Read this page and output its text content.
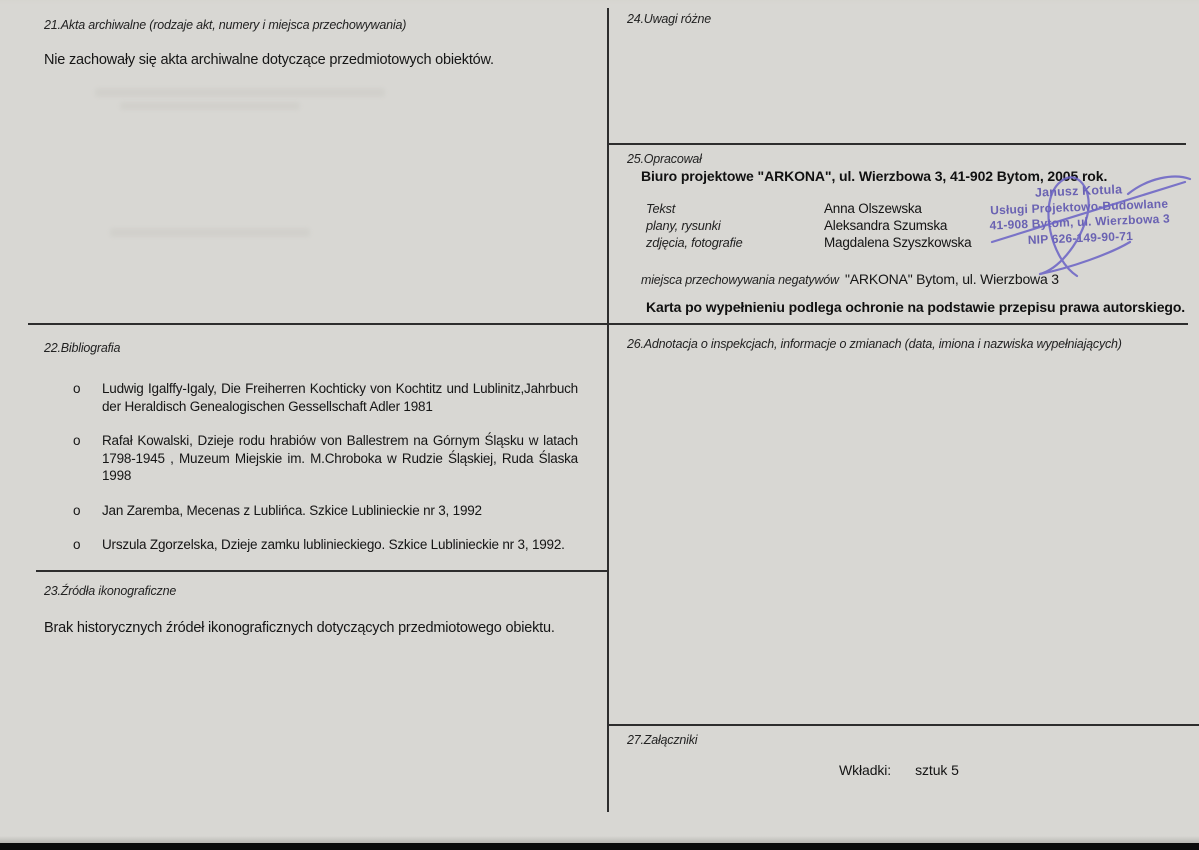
21.Akta archiwalne (rodzaje akt, numery i miejsca przechowywania)
Nie zachowały się akta archiwalne dotyczące przedmiotowych obiektów.
24.Uwagi różne
25.Opracował
Biuro projektowe "ARKONA", ul. Wierzbowa 3, 41-902 Bytom, 2005 rok.
Tekst	Anna Olszewska
plany, rysunki	Aleksandra Szumska
zdjęcia, fotografie	Magdalena Szyszkowska
Janusz Kotula
Usługi Projektowo-Budowlane
41-908 Bytom, ul. Wierzbowa 3
NIP 626-149-90-71
miejsca przechowywania negatywów "ARKONA" Bytom, ul. Wierzbowa 3
Karta po wypełnieniu podlega ochronie na podstawie przepisu prawa autorskiego.
26.Adnotacja o inspekcjach, informacje o zmianach (data, imiona i nazwiska wypełniających)
22.Bibliografia
o	Ludwig Igalffy-Igaly, Die Freiherren Kochticky von Kochtitz und Lublinitz,Jahrbuch der Heraldisch Genealogischen Gessellschaft Adler 1981
o	Rafał Kowalski, Dzieje rodu hrabiów von Ballestrem na Górnym Śląsku w latach 1798-1945 , Muzeum Miejskie im. M.Chroboka w Rudzie Śląskiej, Ruda Ślaska 1998
o	Jan Zaremba, Mecenas z Lublińca. Szkice Lublinieckie nr 3, 1992
o	Urszula Zgorzelska, Dzieje zamku lublinieckiego. Szkice Lublinieckie nr 3, 1992.
23.Źródła ikonograficzne
Brak historycznych źródeł ikonograficznych dotyczących przedmiotowego obiektu.
27.Załączniki
Wkładki: sztuk 5
